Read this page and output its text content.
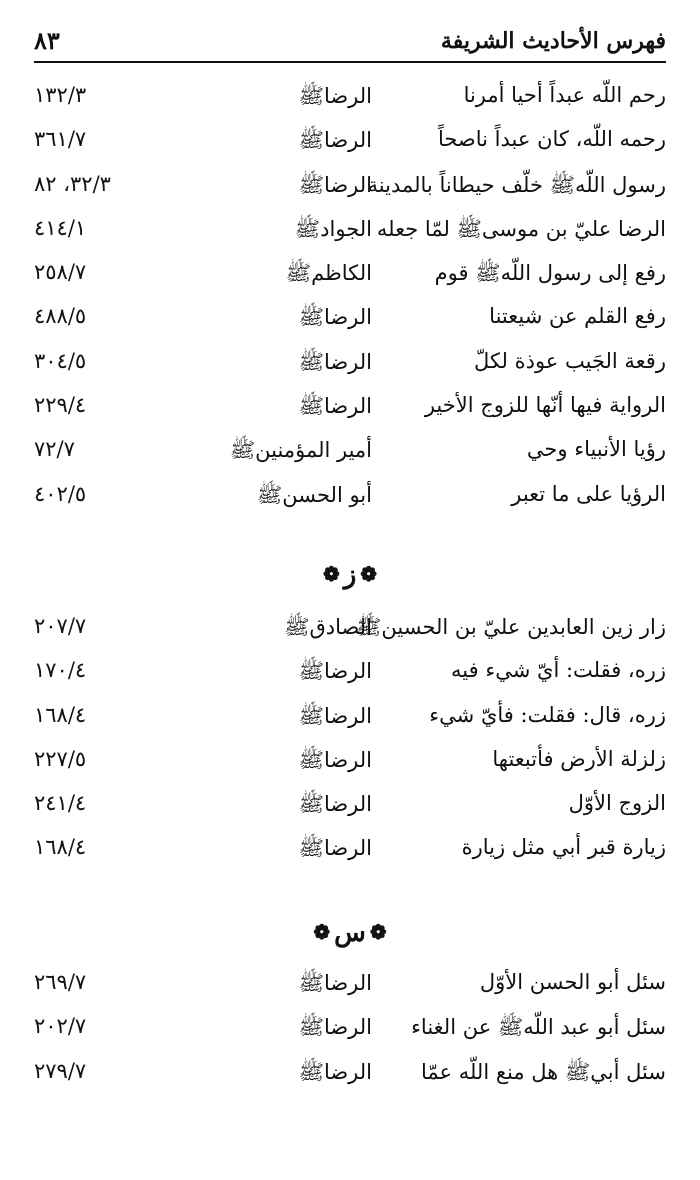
فهرس الأحاديث الشريفة
٨٣
رحم اللّه عبداً أحيا أمرنا
الرضاﷺ
١٣٢/٣
رحمه اللّه، كان عبداً ناصحاً
الرضاﷺ
٣٦١/٧
رسول اللّهﷺ خلّف حيطاناً بالمدينة
الرضاﷺ
٣٢/٣، ٨٢
الرضا عليّ بن موسىﷺ لمّا جعله
الجوادﷺ
٤١٤/١
رفع إلى رسول اللّهﷺ قوم
الكاظمﷺ
٢٥٨/٧
رفع القلم عن شيعتنا
الرضاﷺ
٤٨٨/٥
رقعة الجَيب عوذة لكلّ
الرضاﷺ
٣٠٤/٥
الرواية فيها أنّها للزوج الأخير
الرضاﷺ
٢٢٩/٤
رؤيا الأنبياء وحي
أمير المؤمنينﷺ
٧٢/٧
الرؤيا على ما تعبر
أبو الحسنﷺ
٤٠٢/٥
❁ز❁
زار زين العابدين عليّ بن الحسينﷺ
الصادقﷺ
٢٠٧/٧
زره، فقلت: أيّ شيء فيه
الرضاﷺ
١٧٠/٤
زره، قال: فقلت: فأيّ شيء
الرضاﷺ
١٦٨/٤
زلزلة الأرض فأتبعتها
الرضاﷺ
٢٢٧/٥
الزوج الأوّل
الرضاﷺ
٢٤١/٤
زيارة قبر أبي مثل زيارة
الرضاﷺ
١٦٨/٤
❁س❁
سئل أبو الحسن الأوّل
الرضاﷺ
٢٦٩/٧
سئل أبو عبد اللّهﷺ عن الغناء
الرضاﷺ
٢٠٢/٧
سئل أبيﷺ هل منع اللّه عمّا
الرضاﷺ
٢٧٩/٧
